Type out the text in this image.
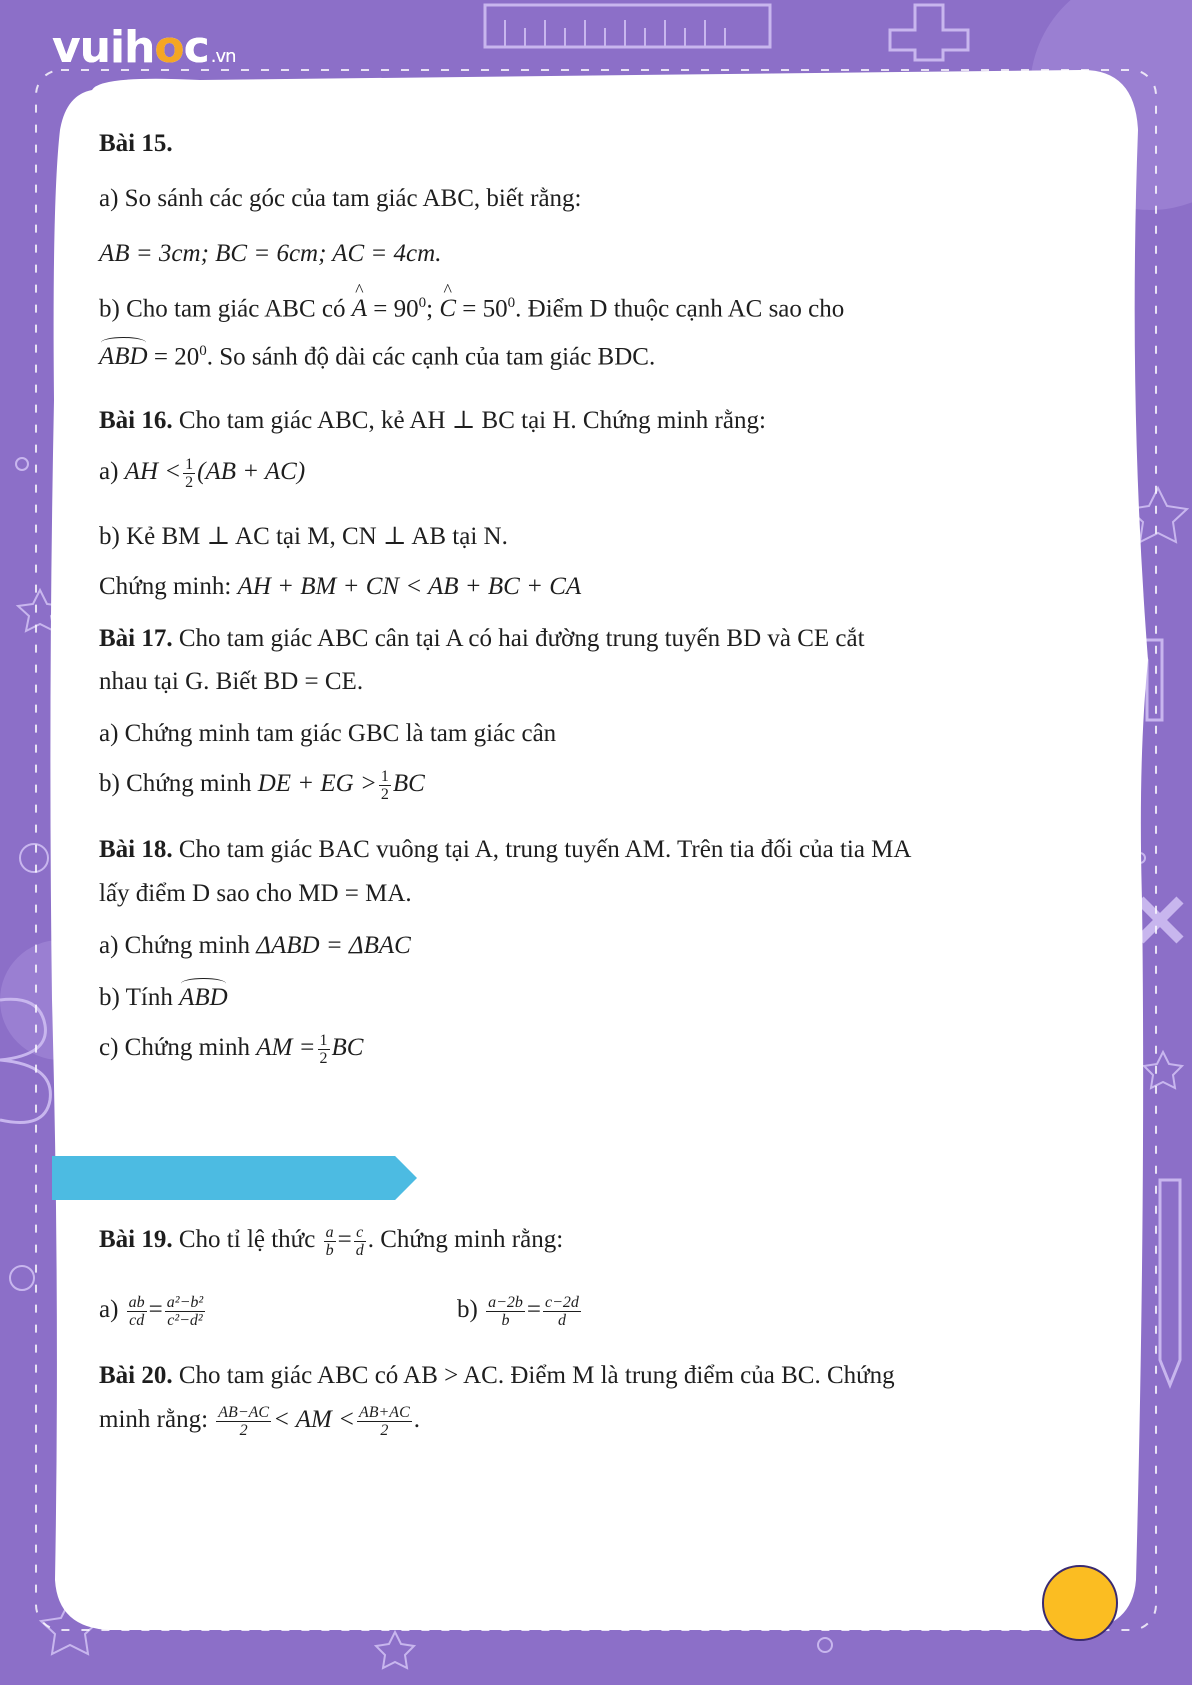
vuihoc .vn
Bài 15.
a) So sánh các góc của tam giác ABC, biết rằng:
AB = 3cm; BC = 6cm; AC = 4cm.
b) Cho tam giác ABC có ^ $A = 90^0$; ^ $C = 50^0$. Điểm D thuộc cạnh AC sao cho
ABD = $20^0$. So sánh độ dài các cạnh của tam giác BDC.
Bài 16. Cho tam giác ABC, kẻ AH ⊥ BC tại H. Chứng minh rằng:
a) AH < $\frac{1}{2} (AB + AC)$
b) Kẻ BM ⊥ AC tại M, CN ⊥ AB tại N.
Chứng minh: AH + BM + CN < AB + BC + CA
Bài 17. Cho tam giác ABC cân tại A có hai đường trung tuyến BD và CE cắt
nhau tại G. Biết BD = CE.
a) Chứng minh tam giác GBC là tam giác cân
b) Chứng minh DE + EG > $\frac{1}{2}$ BC
Bài 18. Cho tam giác BAC vuông tại A, trung tuyến AM. Trên tia đối của tia MA
lấy điểm D sao cho MD = MA.
a) Chứng minh ΔABD = ΔBAC
b) Tính ABD
c) Chứng minh AM = $\frac{1}{2}$ BC
Bài 19. Cho tỉ lệ thức $\frac{a}{b} = \frac{c}{d}$ . Chứng minh rằng:
$a) \frac{ab}{cd} = \frac{\text{a²−b²}}{\text{c²−d²}}$	$b) \frac{a-2b}{b} = \frac{c-2d}{d}$
Bài 20. Cho tam giác ABC có AB > AC. Điểm M là trung điểm của BC. Chứng
minh rằng: $\frac{AB-AC}{2}$ < AM < $\frac{AB+AC}{2}$ .
